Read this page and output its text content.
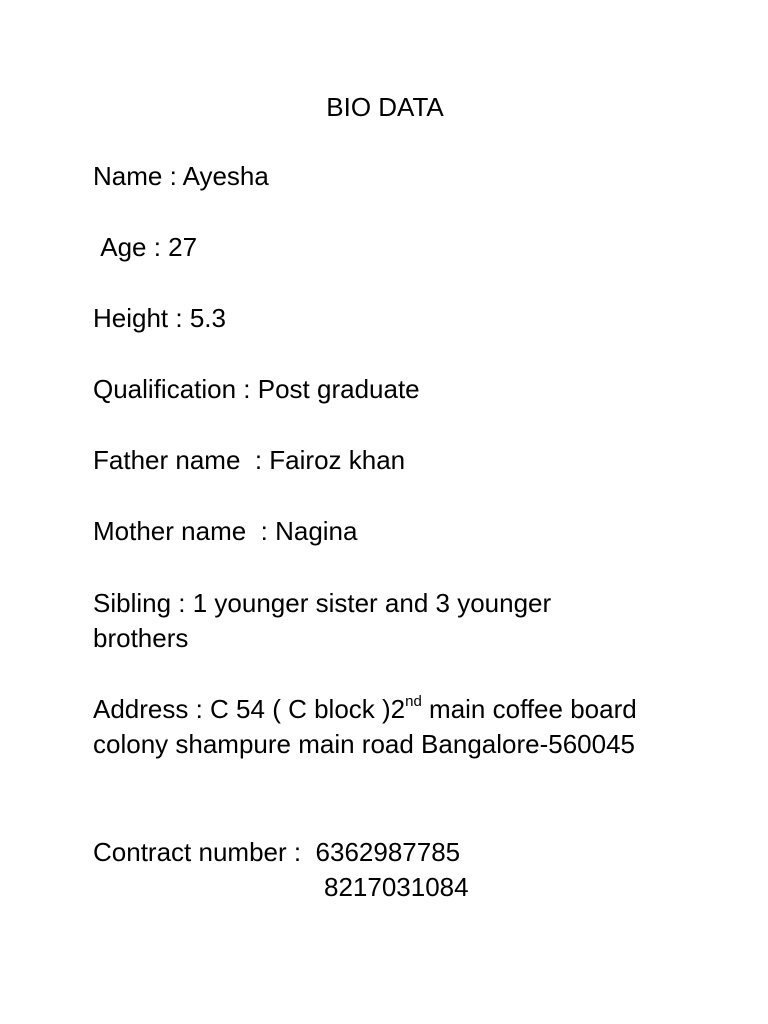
BIO DATA
Name : Ayesha
Age : 27
Height : 5.3
Qualification : Post graduate
Father name  : Fairoz khan
Mother name  : Nagina
Sibling : 1 younger sister and 3 younger brothers
Address : C 54 ( C block )2nd main coffee board colony shampure main road Bangalore-560045
Contract number :  6362987785
8217031084
